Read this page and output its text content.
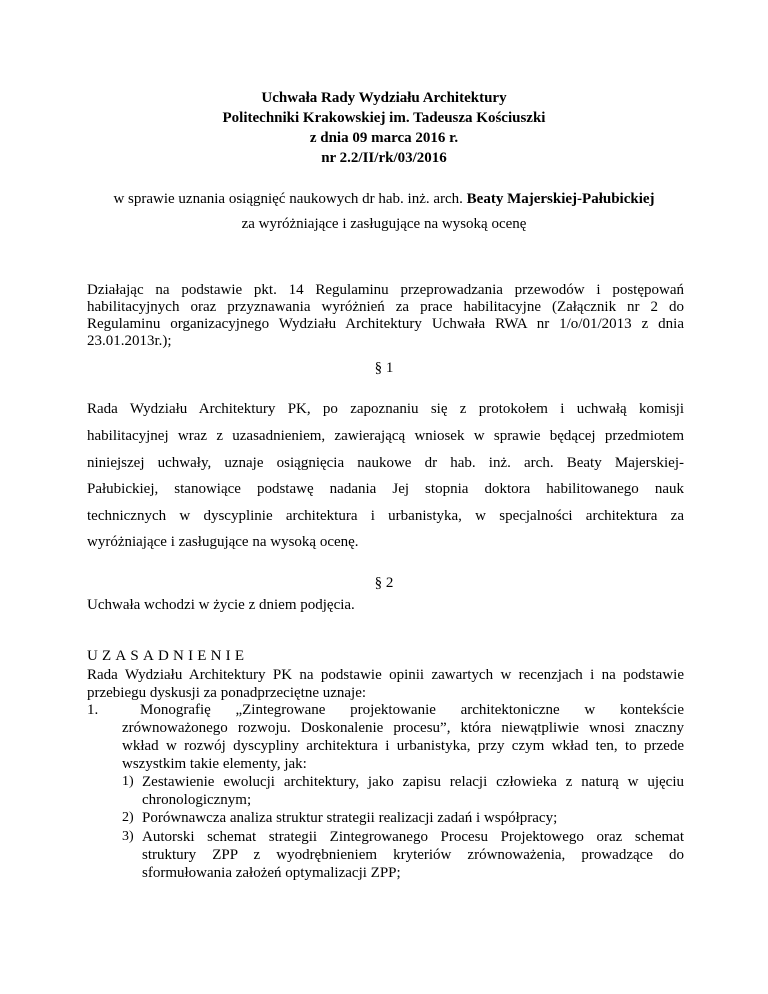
Uchwała Rady Wydziału Architektury
Politechniki Krakowskiej im. Tadeusza Kościuszki
z dnia 09 marca 2016 r.
nr 2.2/II/rk/03/2016
w sprawie uznania osiągnięć naukowych dr hab. inż. arch. Beaty Majerskiej-Pałubickiej
za wyróżniające i zasługujące na wysoką ocenę
Działając na podstawie pkt. 14 Regulaminu przeprowadzania przewodów i postępowań
habilitacyjnych oraz przyznawania wyróżnień za prace habilitacyjne (Załącznik nr 2 do
Regulaminu organizacyjnego Wydziału Architektury Uchwała RWA nr 1/o/01/2013 z dnia
23.01.2013r.);
§ 1
Rada Wydziału Architektury PK, po zapoznaniu się z protokołem i uchwałą komisji
habilitacyjnej wraz z uzasadnieniem, zawierającą wniosek w sprawie będącej przedmiotem
niniejszej uchwały, uznaje osiągnięcia naukowe dr hab. inż. arch. Beaty Majerskiej-
Pałubickiej, stanowiące podstawę nadania Jej stopnia doktora habilitowanego nauk
technicznych w dyscyplinie architektura i urbanistyka, w specjalności architektura za
wyróżniające i zasługujące na wysoką ocenę.
§ 2
Uchwała wchodzi w życie z dniem podjęcia.
UZASADNIENIE
Rada Wydziału Architektury PK na podstawie opinii zawartych w recenzjach i na podstawie
przebiegu dyskusji za ponadprzeciętne uznaje:
1.	Monografię „Zintegrowane projektowanie architektoniczne w kontekście
zrównoważonego rozwoju. Doskonalenie procesu”, która niewątpliwie wnosi znaczny
wkład w rozwój dyscypliny architektura i urbanistyka, przy czym wkład ten, to przede
wszystkim takie elementy, jak:
1) Zestawienie ewolucji architektury, jako zapisu relacji człowieka z naturą w ujęciu
chronologicznym;
2) Porównawcza analiza struktur strategii realizacji zadań i współpracy;
3) Autorski schemat strategii Zintegrowanego Procesu Projektowego oraz schemat
struktury ZPP z wyodrębnieniem kryteriów zrównoważenia, prowadzące do
sformułowania założeń optymalizacji ZPP;
